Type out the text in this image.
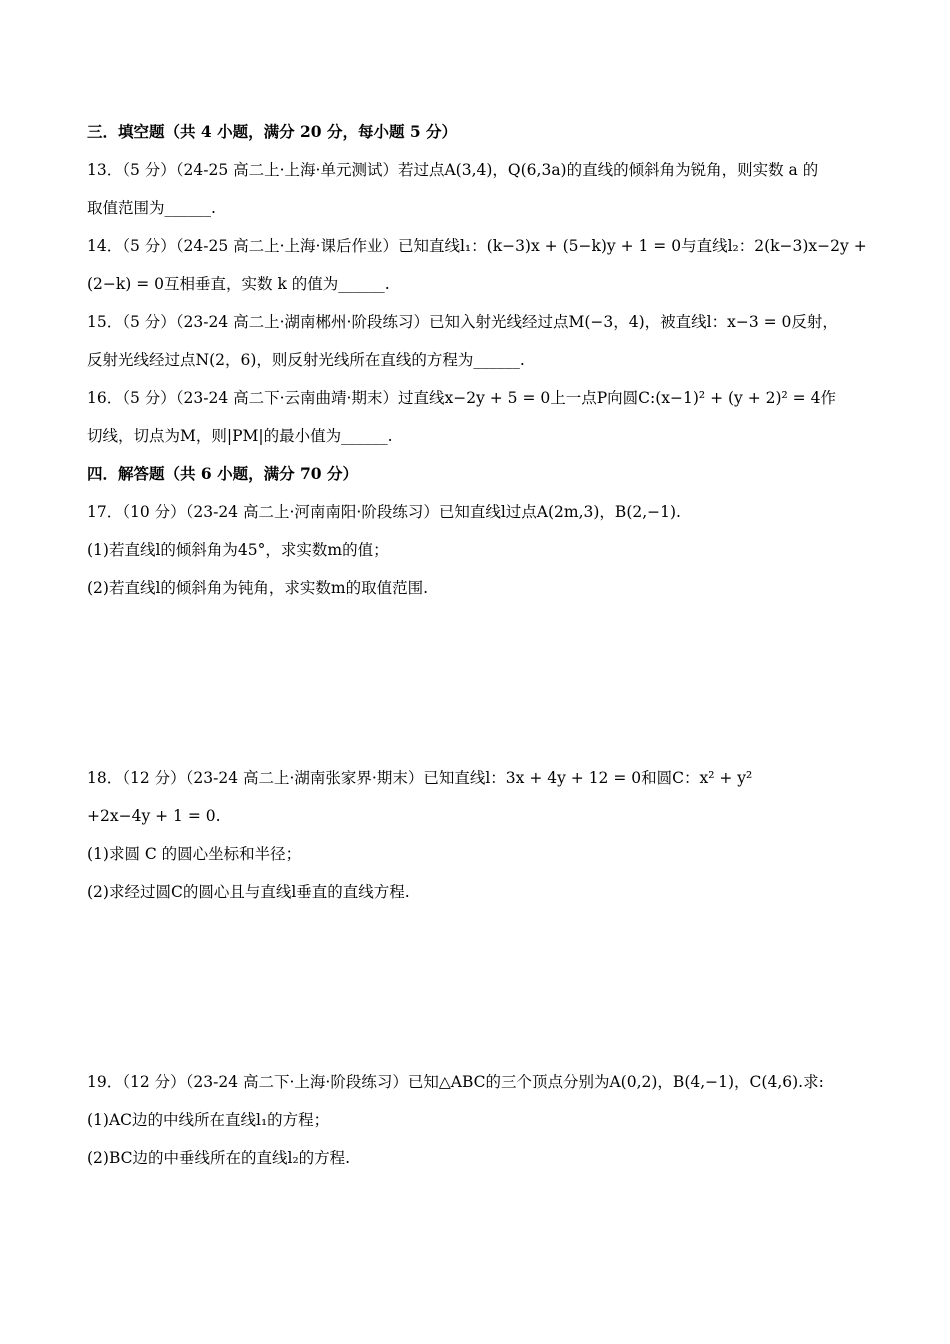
三．填空题（共 4 小题，满分 20 分，每小题 5 分）
13．（5 分）（24-25 高二上·上海·单元测试）若过点A(3,4)，Q(6,3a)的直线的倾斜角为锐角，则实数 a 的
取值范围为______.
14．（5 分）（24-25 高二上·上海·课后作业）已知直线l₁：(k−3)x + (5−k)y + 1 = 0与直线l₂：2(k−3)x−2y +
(2−k) = 0互相垂直，实数 k 的值为______.
15．（5 分）（23-24 高二上·湖南郴州·阶段练习）已知入射光线经过点M(−3，4)，被直线l：x−3 = 0反射，
反射光线经过点N(2，6)，则反射光线所在直线的方程为______.
16．（5 分）（23-24 高二下·云南曲靖·期末）过直线x−2y + 5 = 0上一点P向圆C:(x−1)² + (y + 2)² = 4作
切线，切点为M，则|PM|的最小值为______.
四．解答题（共 6 小题，满分 70 分）
17．（10 分）（23-24 高二上·河南南阳·阶段练习）已知直线l过点A(2m,3)，B(2,−1).
(1)若直线l的倾斜角为45°，求实数m的值；
(2)若直线l的倾斜角为钝角，求实数m的取值范围.
18．（12 分）（23-24 高二上·湖南张家界·期末）已知直线l：3x + 4y + 12 = 0和圆C：x² + y²
+2x−4y + 1 = 0.
(1)求圆 C 的圆心坐标和半径；
(2)求经过圆C的圆心且与直线l垂直的直线方程.
19．（12 分）（23-24 高二下·上海·阶段练习）已知△ABC的三个顶点分别为A(0,2)，B(4,−1)，C(4,6).求:
(1)AC边的中线所在直线l₁的方程；
(2)BC边的中垂线所在的直线l₂的方程.
